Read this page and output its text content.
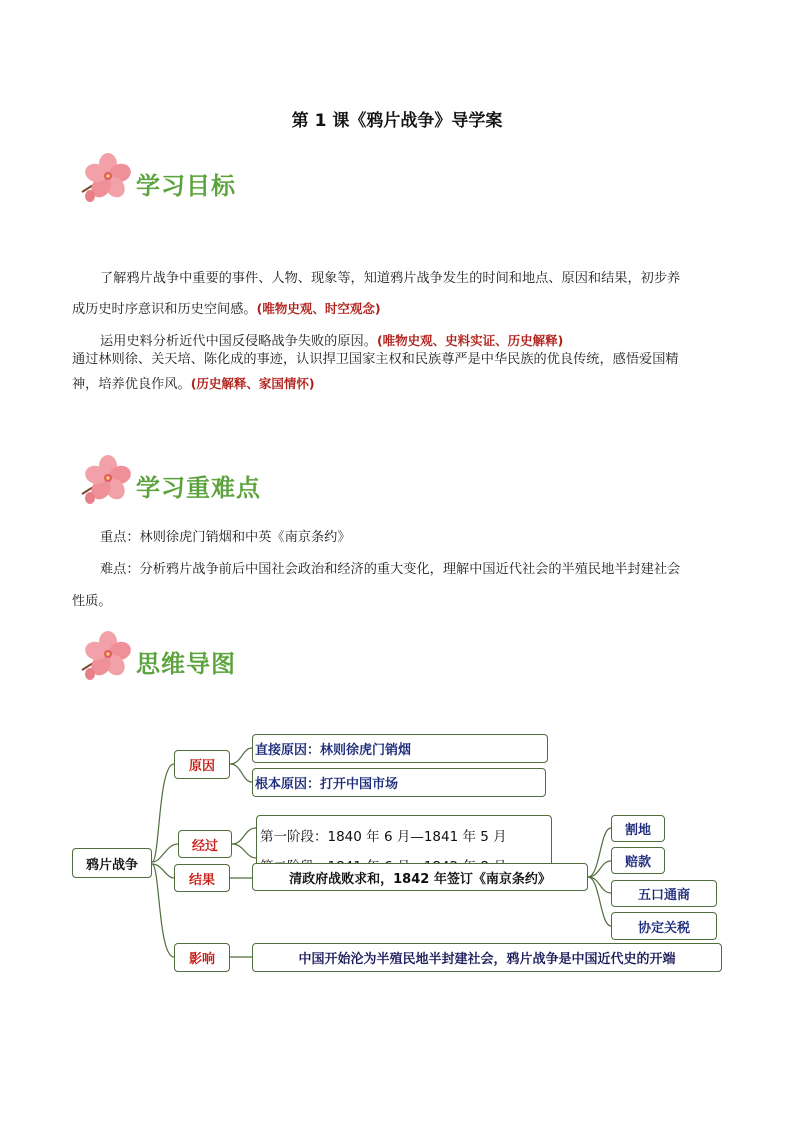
第 1 课《鸦片战争》导学案
学习目标
了解鸦片战争中重要的事件、人物、现象等，知道鸦片战争发生的时间和地点、原因和结果，初步养
成历史时序意识和历史空间感。(唯物史观、时空观念)
运用史料分析近代中国反侵略战争失败的原因。(唯物史观、史料实证、历史解释)
通过林则徐、关天培、陈化成的事迹，认识捍卫国家主权和民族尊严是中华民族的优良传统，感悟爱国精
神，培养优良作风。(历史解释、家国情怀)
学习重难点
重点：林则徐虎门销烟和中英《南京条约》
难点：分析鸦片战争前后中国社会政治和经济的重大变化，理解中国近代社会的半殖民地半封建社会
性质。
思维导图
鸦片战争
原因
直接原因：林则徐虎门销烟
根本原因：打开中国市场
经过
第一阶段：1840 年 6 月—1841 年 5 月
结果	清政府战败求和，1842 年签订《南京条约》
割地
赔款
五口通商
协定关税
影响	中国开始沦为半殖民地半封建社会，鸦片战争是中国近代史的开端
